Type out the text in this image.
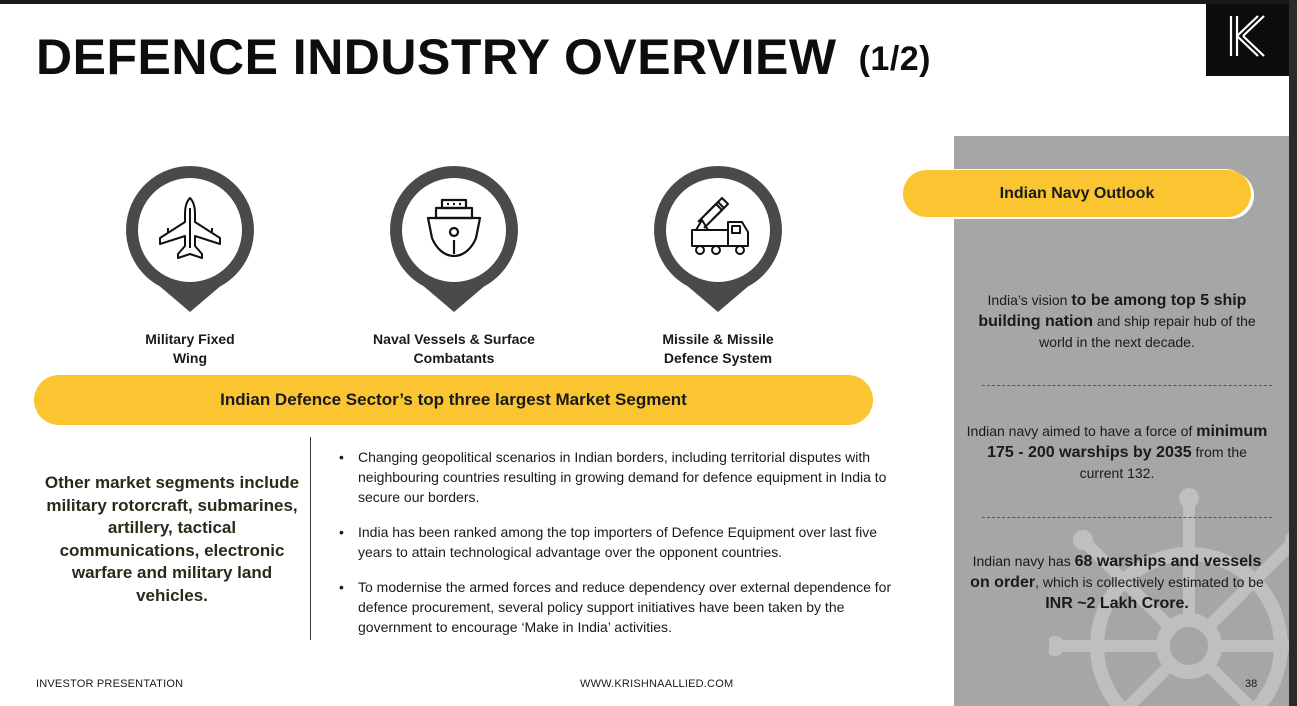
DEFENCE INDUSTRY OVERVIEW (1/2)
Military Fixed
Wing
Naval Vessels & Surface
Combatants
Missile & Missile
Defence System
Indian Defence Sector’s top three largest Market Segment
Other market segments include military rotorcraft, submarines, artillery, tactical communications, electronic warfare and military land vehicles.
• Changing geopolitical scenarios in Indian borders, including territorial disputes with neighbouring countries resulting in growing demand for defence equipment in India to secure our borders.
• India has been ranked among the top importers of Defence Equipment over last five years to attain technological advantage over the opponent countries.
• To modernise the armed forces and reduce dependency over external dependence for defence procurement, several policy support initiatives have been taken by the government to encourage ‘Make in India’ activities.
INVESTOR PRESENTATION	WWW.KRISHNAALLIED.COM
Indian Navy Outlook
India’s vision to be among top 5 ship building nation and ship repair hub of the world in the next decade.
Indian navy aimed to have a force of minimum 175 - 200 warships by 2035 from the current 132.
Indian navy has 68 warships and vessels on order, which is collectively estimated to be INR ~2 Lakh Crore.
38
